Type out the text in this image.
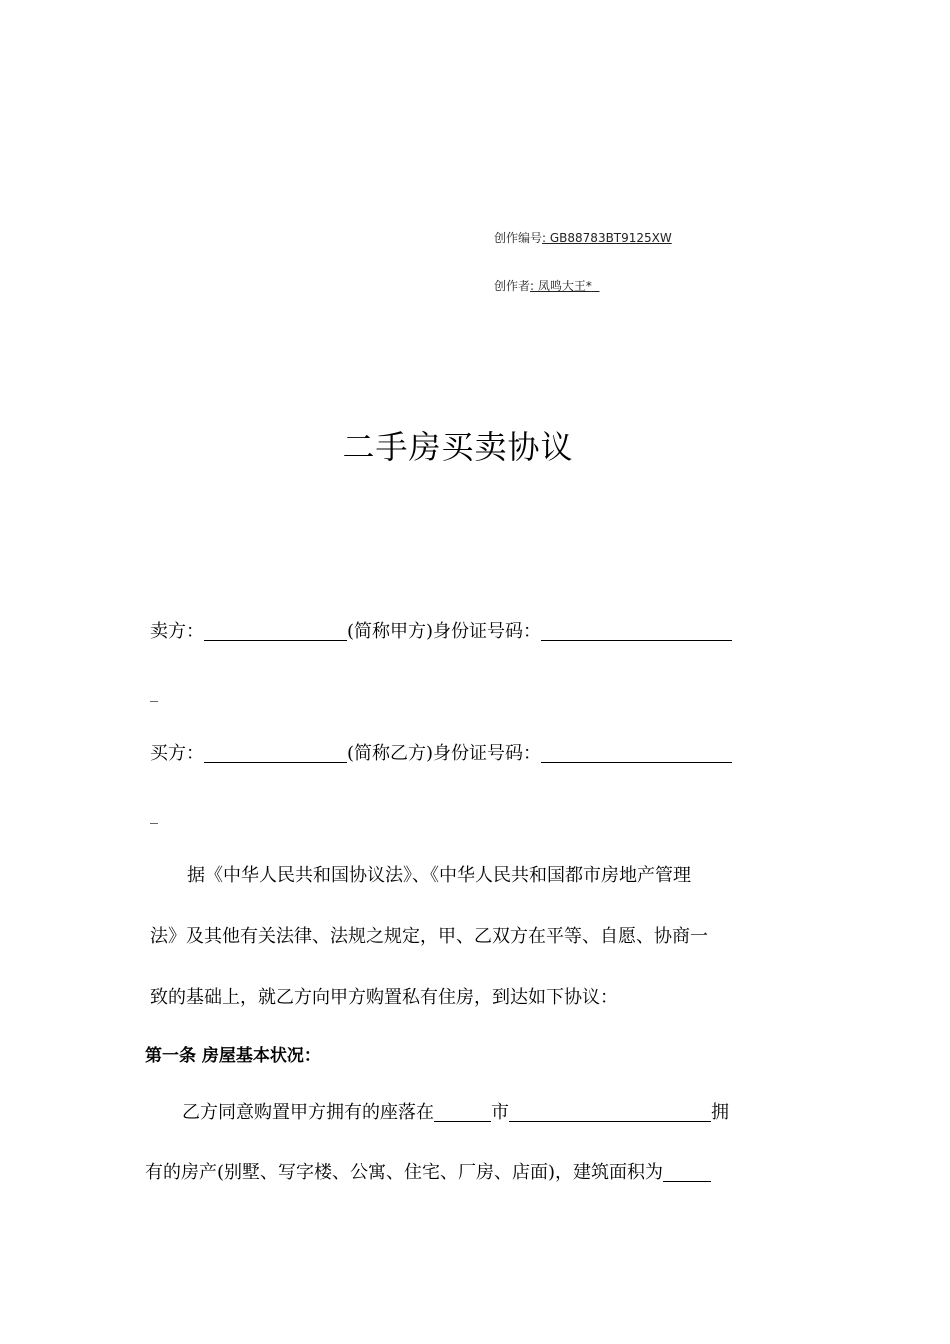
创作编号: GB88783BT9125XW
创作者: 凤鸣大王*
二手房买卖协议
卖方：	(简称甲方)身份证号码：
_
买方：	(简称乙方)身份证号码：
_
据《中华人民共和国协议法》、《中华人民共和国都市房地产管理
法》及其他有关法律、法规之规定，甲、乙双方在平等、自愿、协商一
致的基础上，就乙方向甲方购置私有住房，到达如下协议：
第一条 房屋基本状况：
乙方同意购置甲方拥有的座落在	市	拥
有的房产(别墅、写字楼、公寓、住宅、厂房、店面)，建筑面积为
